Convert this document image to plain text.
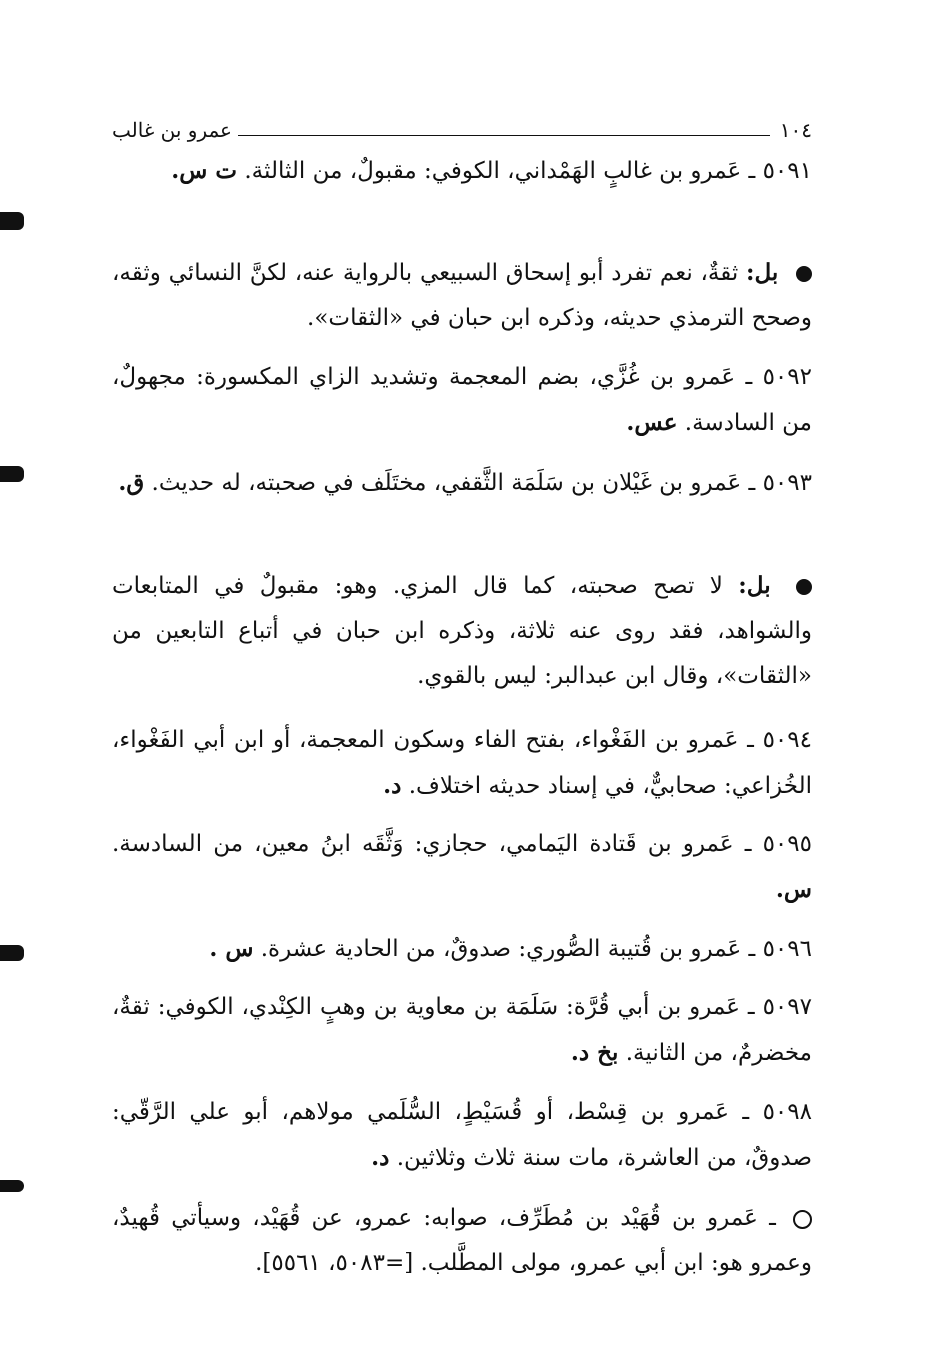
١٠٤
عمرو بن غالب
٥٠٩١ ـ عَمرو بن غالبٍ الهَمْداني، الكوفي: مقبولٌ، من الثالثة. ت س.
بل: ثقةٌ، نعم تفرد أبو إسحاق السبيعي بالرواية عنه، لكنَّ النسائي وثقه، وصحح الترمذي حديثه، وذكره ابن حبان في «الثقات».
٥٠٩٢ ـ عَمرو بن غُزَّي، بضم المعجمة وتشديد الزاي المكسورة: مجهولٌ، من السادسة. عس.
٥٠٩٣ ـ عَمرو بن غَيْلان بن سَلَمَة الثَّقفي، مختَلَف في صحبته، له حديث. ق.
بل: لا تصح صحبته، كما قال المزي. وهو: مقبولٌ في المتابعات والشواهد، فقد روى عنه ثلاثة، وذكره ابن حبان في أتباع التابعين من «الثقات»، وقال ابن عبدالبر: ليس بالقوي.
٥٠٩٤ ـ عَمرو بن الفَغْواء، بفتح الفاء وسكون المعجمة، أو ابن أبي الفَغْواء، الخُزاعي: صحابيٌّ، في إسناد حديثه اختلاف. د.
٥٠٩٥ ـ عَمرو بن قَتادة اليَمامي، حجازي: وَثَّقَه ابنُ معين، من السادسة. س.
٥٠٩٦ ـ عَمرو بن قُتيبة الصُّوري: صدوقٌ، من الحادية عشرة. س .
٥٠٩٧ ـ عَمرو بن أبي قُرَّة: سَلَمَة بن معاوية بن وهبٍ الكِنْدي، الكوفي: ثقةٌ، مخضرمٌ، من الثانية. بخ د.
٥٠٩٨ ـ عَمرو بن قِسْط، أو قُسَيْطٍ، السُّلَمي مولاهم، أبو علي الرَّقّي: صدوقٌ، من العاشرة، مات سنة ثلاث وثلاثين. د.
ـ عَمرو بن قُهَيْد بن مُطَرِّف، صوابه: عمرو، عن قُهَيْد، وسيأتي قُهيدٌ، وعمرو هو: ابن أبي عمرو، مولى المطَّلب. [=٥٠٨٣، ٥٥٦١].
